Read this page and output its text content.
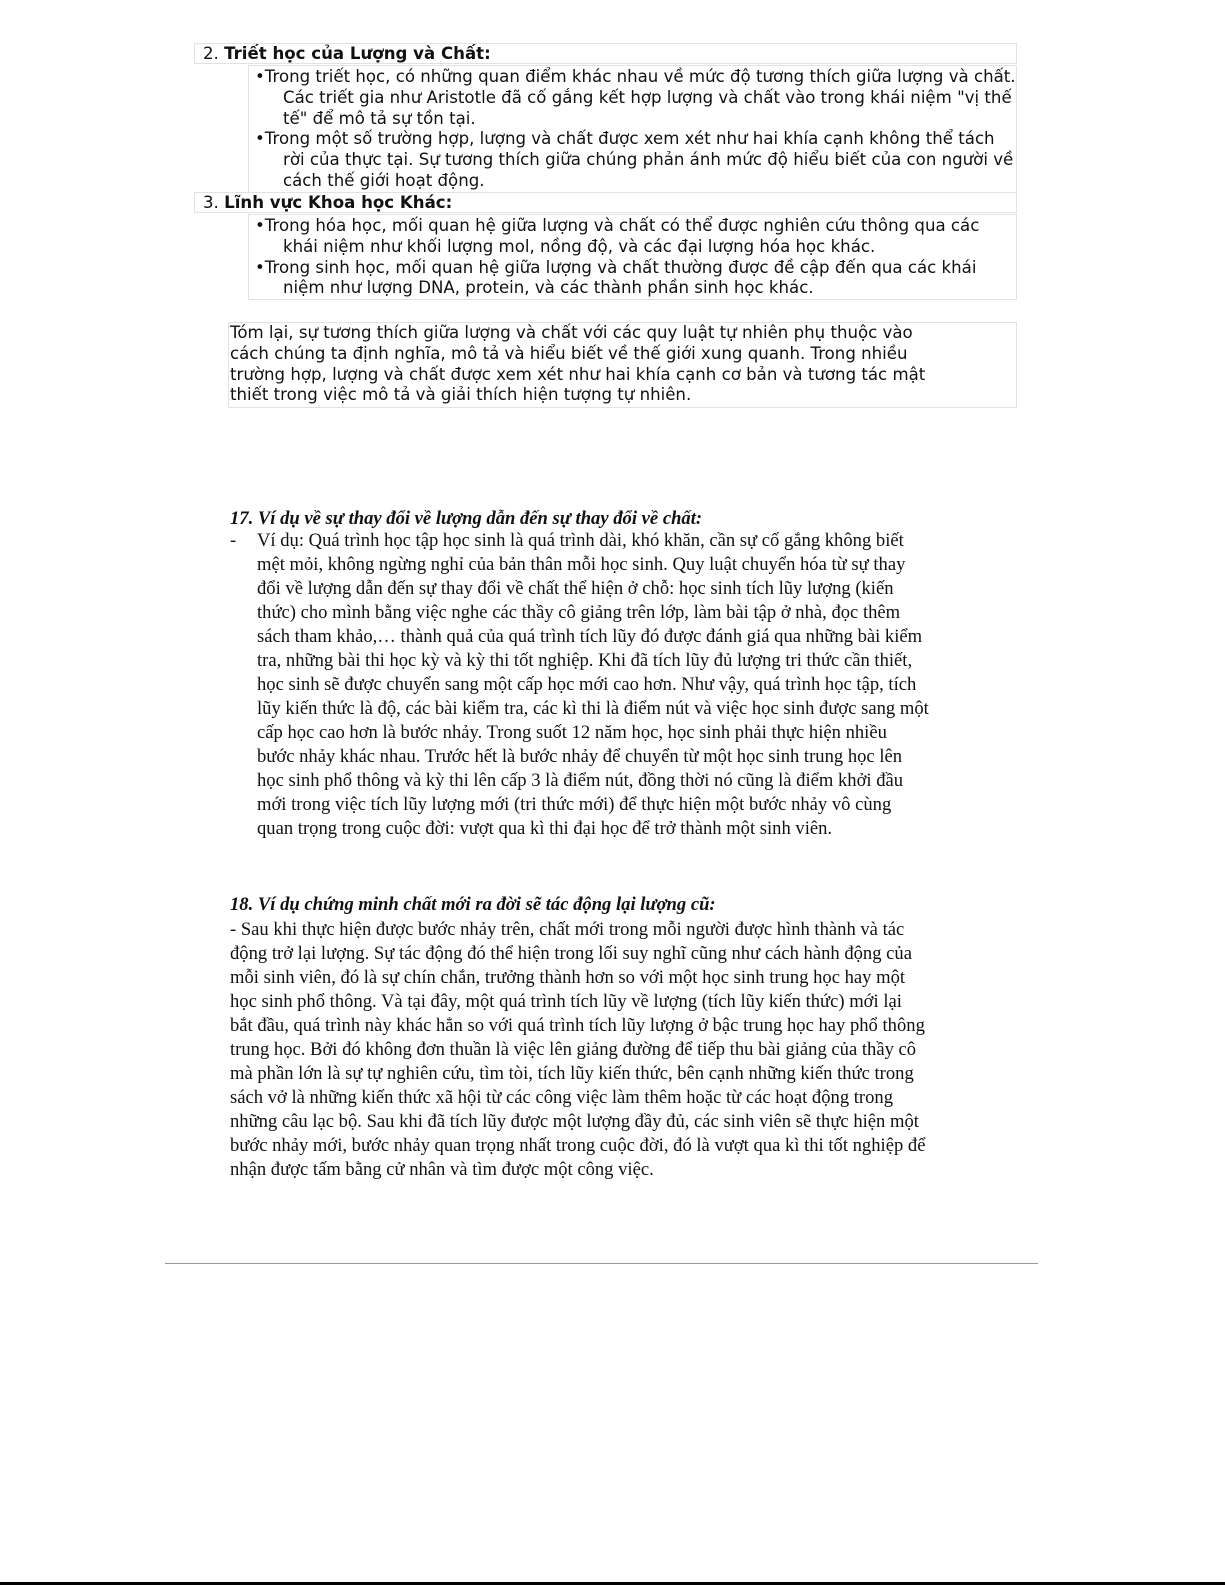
2. Triết học của Lượng và Chất:

•Trong triết học, có những quan điểm khác nhau về mức độ tương thích giữa lượng và chất. Các triết gia như Aristotle đã cố gắng kết hợp lượng và chất vào trong khái niệm "vị thế tế" để mô tả sự tồn tại.

•Trong một số trường hợp, lượng và chất được xem xét như hai khía cạnh không thể tách rời của thực tại. Sự tương thích giữa chúng phản ánh mức độ hiểu biết của con người về cách thế giới hoạt động.

3. Lĩnh vực Khoa học Khác:

•Trong hóa học, mối quan hệ giữa lượng và chất có thể được nghiên cứu thông qua các khái niệm như khối lượng mol, nồng độ, và các đại lượng hóa học khác.

•Trong sinh học, mối quan hệ giữa lượng và chất thường được đề cập đến qua các khái niệm như lượng DNA, protein, và các thành phần sinh học khác.

Tóm lại, sự tương thích giữa lượng và chất với các quy luật tự nhiên phụ thuộc vào
cách chúng ta định nghĩa, mô tả và hiểu biết về thế giới xung quanh. Trong nhiều
trường hợp, lượng và chất được xem xét như hai khía cạnh cơ bản và tương tác mật
thiết trong việc mô tả và giải thích hiện tượng tự nhiên.
17. Ví dụ về sự thay đổi về lượng dẫn đến sự thay đổi về chất:
- Ví dụ: Quá trình học tập học sinh là quá trình dài, khó khăn, cần sự cố gắng không biết
mệt mỏi, không ngừng nghỉ của bản thân mỗi học sinh. Quy luật chuyển hóa từ sự thay
đổi về lượng dẫn đến sự thay đổi về chất thể hiện ở chỗ: học sinh tích lũy lượng (kiến
thức) cho mình bằng việc nghe các thầy cô giảng trên lớp, làm bài tập ở nhà, đọc thêm
sách tham khảo,… thành quả của quá trình tích lũy đó được đánh giá qua những bài kiểm
tra, những bài thi học kỳ và kỳ thi tốt nghiệp. Khi đã tích lũy đủ lượng tri thức cần thiết,
học sinh sẽ được chuyển sang một cấp học mới cao hơn. Như vậy, quá trình học tập, tích
lũy kiến thức là độ, các bài kiểm tra, các kì thi là điểm nút và việc học sinh được sang một
cấp học cao hơn là bước nhảy. Trong suốt 12 năm học, học sinh phải thực hiện nhiều
bước nhảy khác nhau. Trước hết là bước nhảy để chuyển từ một học sinh trung học lên
học sinh phổ thông và kỳ thi lên cấp 3 là điểm nút, đồng thời nó cũng là điểm khởi đầu
mới trong việc tích lũy lượng mới (tri thức mới) để thực hiện một bước nhảy vô cùng
quan trọng trong cuộc đời: vượt qua kì thi đại học để trở thành một sinh viên.
18. Ví dụ chứng minh chất mới ra đời sẽ tác động lại lượng cũ:
- Sau khi thực hiện được bước nhảy trên, chất mới trong mỗi người được hình thành và tác
động trở lại lượng. Sự tác động đó thể hiện trong lối suy nghĩ cũng như cách hành động của
mỗi sinh viên, đó là sự chín chắn, trưởng thành hơn so với một học sinh trung học hay một
học sinh phổ thông. Và tại đây, một quá trình tích lũy về lượng (tích lũy kiến thức) mới lại
bắt đầu, quá trình này khác hẳn so với quá trình tích lũy lượng ở bậc trung học hay phổ thông
trung học. Bởi đó không đơn thuần là việc lên giảng đường để tiếp thu bài giảng của thầy cô
mà phần lớn là sự tự nghiên cứu, tìm tòi, tích lũy kiến thức, bên cạnh những kiến thức trong
sách vở là những kiến thức xã hội từ các công việc làm thêm hoặc từ các hoạt động trong
những câu lạc bộ. Sau khi đã tích lũy được một lượng đầy đủ, các sinh viên sẽ thực hiện một
bước nhảy mới, bước nhảy quan trọng nhất trong cuộc đời, đó là vượt qua kì thi tốt nghiệp để
nhận được tấm bằng cử nhân và tìm được một công việc.
